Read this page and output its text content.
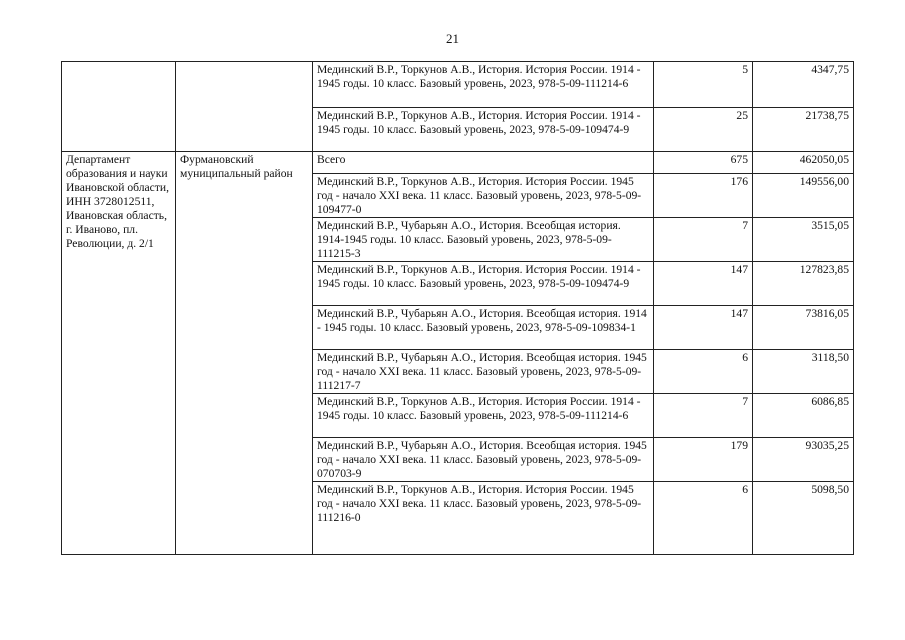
21
		Мединский В.Р., Торкунов А.В., История. История России. 1914 - 1945 годы. 10 класс. Базовый уровень, 2023, 978-5-09-111214-6	5	4347,75
		Мединский В.Р., Торкунов А.В., История. История России. 1914 - 1945 годы. 10 класс. Базовый уровень, 2023, 978-5-09-109474-9	25	21738,75
Департамент образования и науки Ивановской области, ИНН 3728012511, Ивановская область, г. Иваново, пл. Революции, д. 2/1	Фурмановский муниципальный район	Всего	675	462050,05
		Мединский В.Р., Торкунов А.В., История. История России. 1945 год - начало XXI века. 11 класс. Базовый уровень, 2023, 978-5-09-109477-0	176	149556,00
		Мединский В.Р., Чубарьян А.О., История. Всеобщая история. 1914-1945 годы. 10 класс. Базовый уровень, 2023, 978-5-09-111215-3	7	3515,05
		Мединский В.Р., Торкунов А.В., История. История России. 1914 - 1945 годы. 10 класс. Базовый уровень, 2023, 978-5-09-109474-9	147	127823,85
		Мединский В.Р., Чубарьян А.О., История. Всеобщая история. 1914 - 1945 годы. 10 класс. Базовый уровень, 2023, 978-5-09-109834-1	147	73816,05
		Мединский В.Р., Чубарьян А.О., История. Всеобщая история. 1945 год - начало XXI века. 11 класс. Базовый уровень, 2023, 978-5-09-111217-7	6	3118,50
		Мединский В.Р., Торкунов А.В., История. История России. 1914 - 1945 годы. 10 класс. Базовый уровень, 2023, 978-5-09-111214-6	7	6086,85
		Мединский В.Р., Чубарьян А.О., История. Всеобщая история. 1945 год - начало XXI века. 11 класс. Базовый уровень, 2023, 978-5-09-070703-9	179	93035,25
		Мединский В.Р., Торкунов А.В., История. История России. 1945 год - начало XXI века. 11 класс. Базовый уровень, 2023, 978-5-09-111216-0	6	5098,50
